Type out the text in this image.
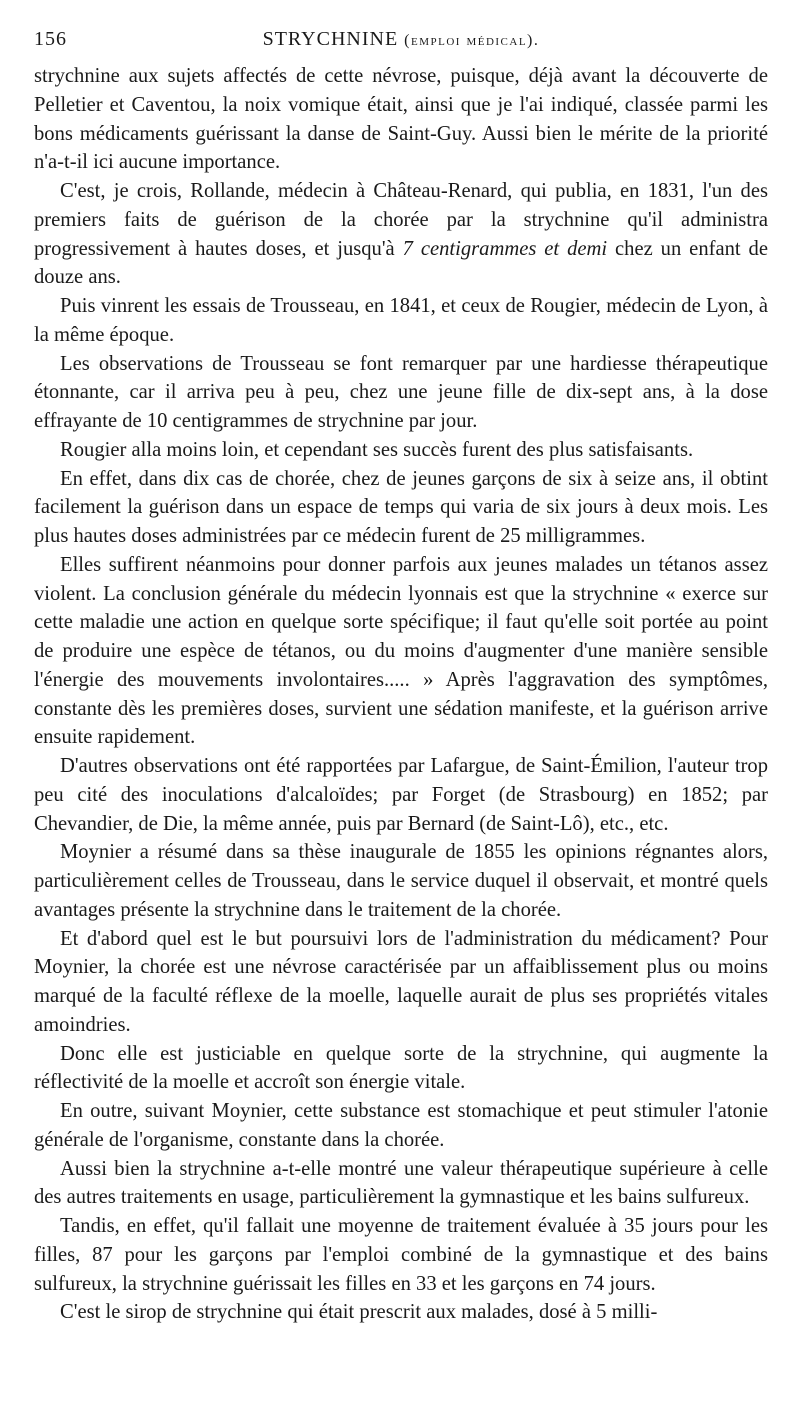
156	STRYCHNINE (emploi médical).

strychnine aux sujets affectés de cette névrose, puisque, déjà avant la découverte de Pelletier et Caventou, la noix vomique était, ainsi que je l'ai indiqué, classée parmi les bons médicaments guérissant la danse de Saint-Guy. Aussi bien le mérite de la priorité n'a-t-il ici aucune importance.

C'est, je crois, Rollande, médecin à Château-Renard, qui publia, en 1831, l'un des premiers faits de guérison de la chorée par la strychnine qu'il administra progressivement à hautes doses, et jusqu'à 7 centigrammes et demi chez un enfant de douze ans.

Puis vinrent les essais de Trousseau, en 1841, et ceux de Rougier, médecin de Lyon, à la même époque.

Les observations de Trousseau se font remarquer par une hardiesse thérapeutique étonnante, car il arriva peu à peu, chez une jeune fille de dix-sept ans, à la dose effrayante de 10 centigrammes de strychnine par jour.

Rougier alla moins loin, et cependant ses succès furent des plus satisfaisants.

En effet, dans dix cas de chorée, chez de jeunes garçons de six à seize ans, il obtint facilement la guérison dans un espace de temps qui varia de six jours à deux mois. Les plus hautes doses administrées par ce médecin furent de 25 milligrammes.

Elles suffirent néanmoins pour donner parfois aux jeunes malades un tétanos assez violent. La conclusion générale du médecin lyonnais est que la strychnine « exerce sur cette maladie une action en quelque sorte spécifique; il faut qu'elle soit portée au point de produire une espèce de tétanos, ou du moins d'augmenter d'une manière sensible l'énergie des mouvements involontaires..... » Après l'aggravation des symptômes, constante dès les premières doses, survient une sédation manifeste, et la guérison arrive ensuite rapidement.

D'autres observations ont été rapportées par Lafargue, de Saint-Émilion, l'auteur trop peu cité des inoculations d'alcaloïdes; par Forget (de Strasbourg) en 1852; par Chevandier, de Die, la même année, puis par Bernard (de Saint-Lô), etc., etc.

Moynier a résumé dans sa thèse inaugurale de 1855 les opinions régnantes alors, particulièrement celles de Trousseau, dans le service duquel il observait, et montré quels avantages présente la strychnine dans le traitement de la chorée.

Et d'abord quel est le but poursuivi lors de l'administration du médicament? Pour Moynier, la chorée est une névrose caractérisée par un affaiblissement plus ou moins marqué de la faculté réflexe de la moelle, laquelle aurait de plus ses propriétés vitales amoindries.

Donc elle est justiciable en quelque sorte de la strychnine, qui augmente la réflectivité de la moelle et accroît son énergie vitale.

En outre, suivant Moynier, cette substance est stomachique et peut stimuler l'atonie générale de l'organisme, constante dans la chorée.

Aussi bien la strychnine a-t-elle montré une valeur thérapeutique supérieure à celle des autres traitements en usage, particulièrement la gymnastique et les bains sulfureux.

Tandis, en effet, qu'il fallait une moyenne de traitement évaluée à 35 jours pour les filles, 87 pour les garçons par l'emploi combiné de la gymnastique et des bains sulfureux, la strychnine guérissait les filles en 33 et les garçons en 74 jours.

C'est le sirop de strychnine qui était prescrit aux malades, dosé à 5 milli-
